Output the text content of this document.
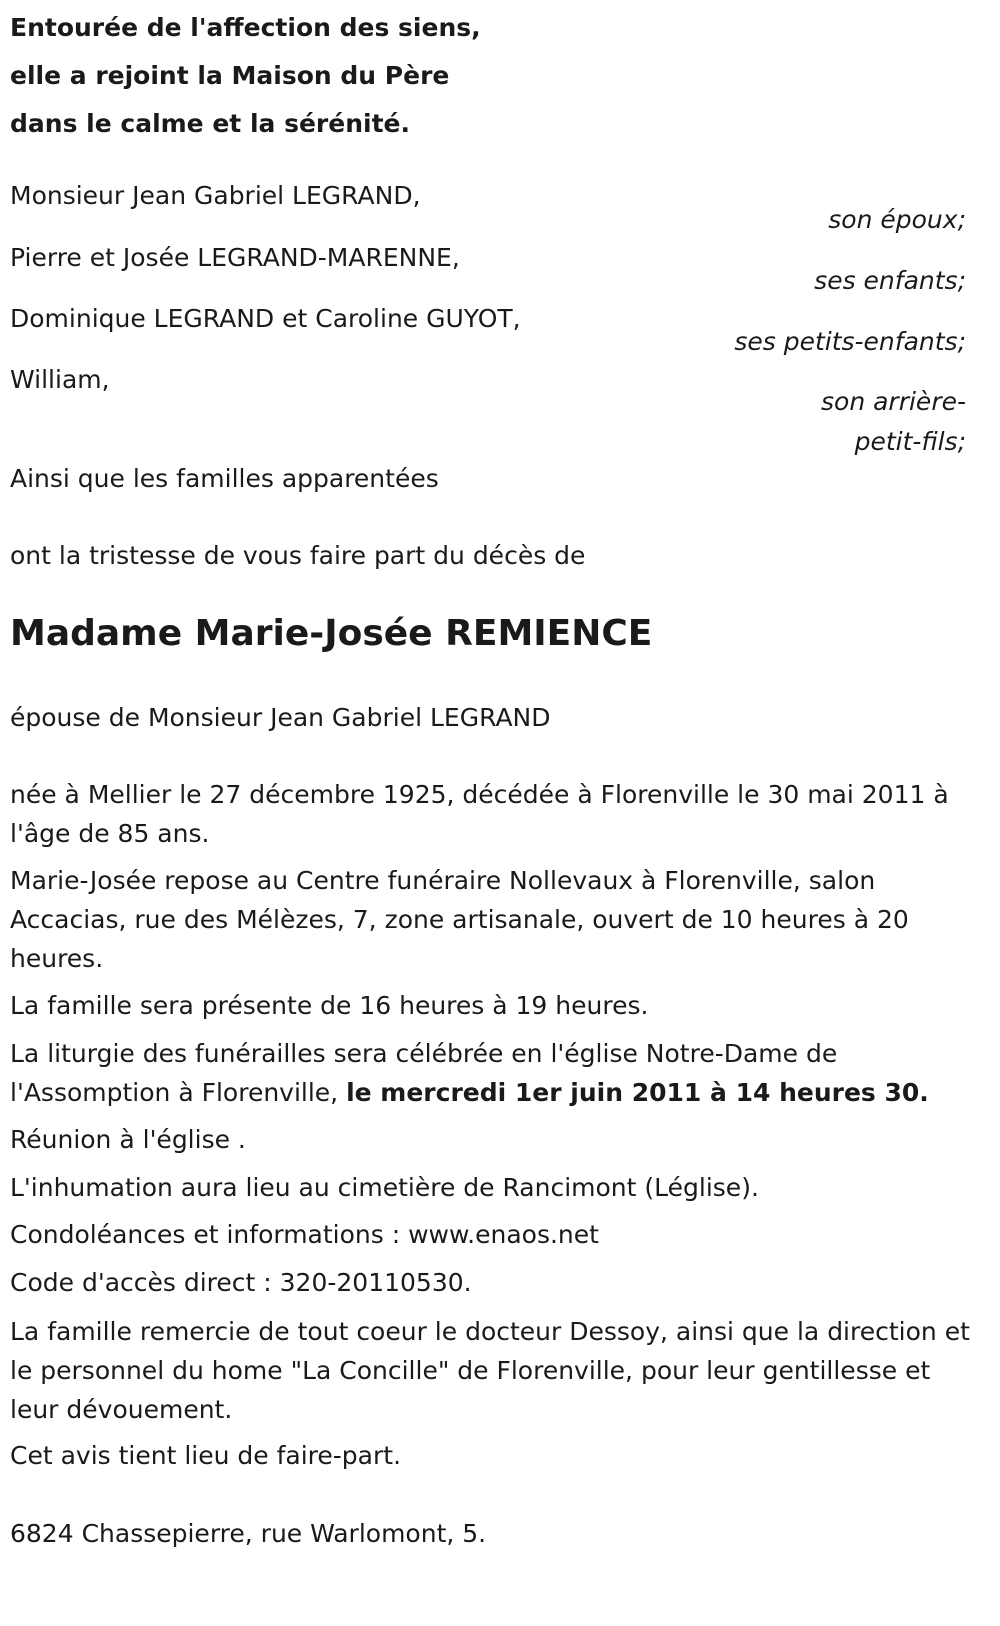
Entourée de l'affection des siens,
elle a rejoint la Maison du Père
dans le calme et la sérénité.
Monsieur Jean Gabriel LEGRAND,
son époux;
Pierre et Josée LEGRAND-MARENNE,
ses enfants;
Dominique LEGRAND et Caroline GUYOT,
ses petits-enfants;
William,
son arrière-
petit-fils;
Ainsi que les familles apparentées
ont la tristesse de vous faire part du décès de
Madame Marie-Josée REMIENCE
épouse de Monsieur Jean Gabriel LEGRAND
née à Mellier le 27 décembre 1925, décédée à Florenville le 30 mai 2011 à l'âge de 85 ans.
Marie-Josée repose au Centre funéraire Nollevaux à Florenville, salon Accacias, rue des Mélèzes, 7, zone artisanale, ouvert de 10 heures à 20 heures.
La famille sera présente de 16 heures à 19 heures.
La liturgie des funérailles sera célébrée en l'église Notre-Dame de l'Assomption à Florenville, le mercredi 1er juin 2011 à 14 heures 30.
Réunion à l'église .
L'inhumation aura lieu au cimetière de Rancimont (Léglise).
Condoléances et informations : www.enaos.net
Code d'accès direct : 320-20110530.
La famille remercie de tout coeur le docteur Dessoy, ainsi que la direction et le personnel du home "La Concille" de Florenville, pour leur gentillesse et leur dévouement.
Cet avis tient lieu de faire-part.
6824 Chassepierre, rue Warlomont, 5.
